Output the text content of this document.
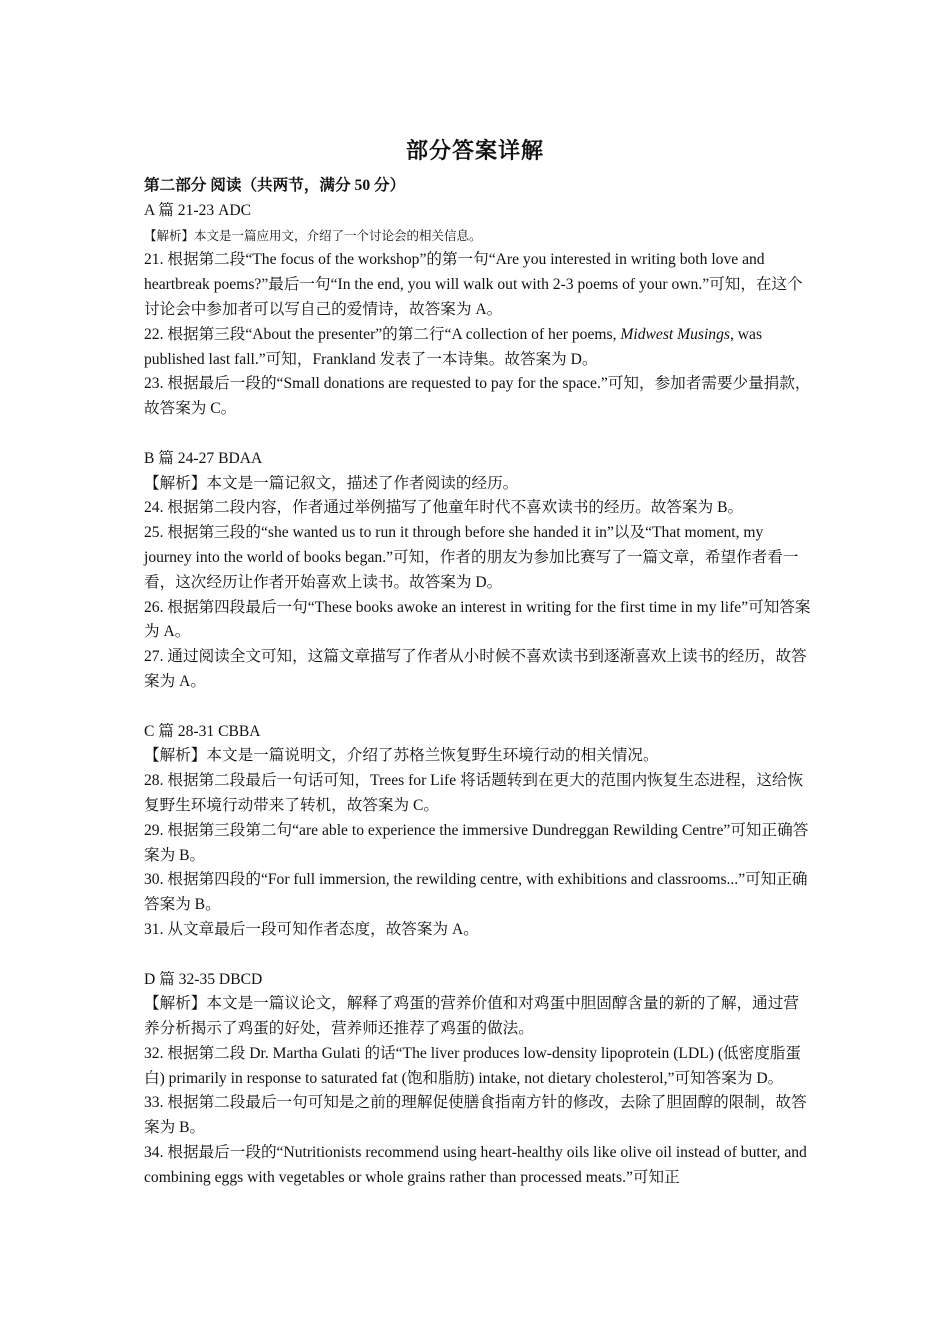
部分答案详解

第二部分 阅读（共两节，满分 50 分）

A 篇 21-23 ADC

【解析】本文是一篇应用文，介绍了一个讨论会的相关信息。

21. 根据第二段“The focus of the workshop”的第一句“Are you interested in writing both love and heartbreak poems?”最后一句“In the end, you will walk out with 2-3 poems of your own.”可知，在这个讨论会中参加者可以写自己的爱情诗，故答案为 A。

22. 根据第三段“About the presenter”的第二行“A collection of her poems, Midwest Musings, was published last fall.”可知，Frankland 发表了一本诗集。故答案为 D。

23. 根据最后一段的“Small donations are requested to pay for the space.”可知，参加者需要少量捐款，故答案为 C。

B 篇 24-27 BDAA

【解析】本文是一篇记叙文，描述了作者阅读的经历。

24. 根据第二段内容，作者通过举例描写了他童年时代不喜欢读书的经历。故答案为 B。

25. 根据第三段的“she wanted us to run it through before she handed it in”以及“That moment, my journey into the world of books began.”可知，作者的朋友为参加比赛写了一篇文章，希望作者看一看，这次经历让作者开始喜欢上读书。故答案为 D。

26. 根据第四段最后一句“These books awoke an interest in writing for the first time in my life”可知答案为 A。

27. 通过阅读全文可知，这篇文章描写了作者从小时候不喜欢读书到逐渐喜欢上读书的经历，故答案为 A。

C 篇 28-31 CBBA

【解析】本文是一篇说明文，介绍了苏格兰恢复野生环境行动的相关情况。

28. 根据第二段最后一句话可知，Trees for Life 将话题转到在更大的范围内恢复生态进程，这给恢复野生环境行动带来了转机，故答案为 C。

29. 根据第三段第二句“are able to experience the immersive Dundreggan Rewilding Centre”可知正确答案为 B。

30. 根据第四段的“For full immersion, the rewilding centre, with exhibitions and classrooms...”可知正确答案为 B。

31. 从文章最后一段可知作者态度，故答案为 A。

D 篇 32-35 DBCD

【解析】本文是一篇议论文，解释了鸡蛋的营养价值和对鸡蛋中胆固醇含量的新的了解，通过营养分析揭示了鸡蛋的好处，营养师还推荐了鸡蛋的做法。

32. 根据第二段 Dr. Martha Gulati 的话“The liver produces low-density lipoprotein (LDL) (低密度脂蛋白) primarily in response to saturated fat (饱和脂肪) intake, not dietary cholesterol,”可知答案为 D。

33. 根据第二段最后一句可知是之前的理解促使膳食指南方针的修改，去除了胆固醇的限制，故答案为 B。

34. 根据最后一段的“Nutritionists recommend using heart-healthy oils like olive oil instead of butter, and combining eggs with vegetables or whole grains rather than processed meats.”可知正
